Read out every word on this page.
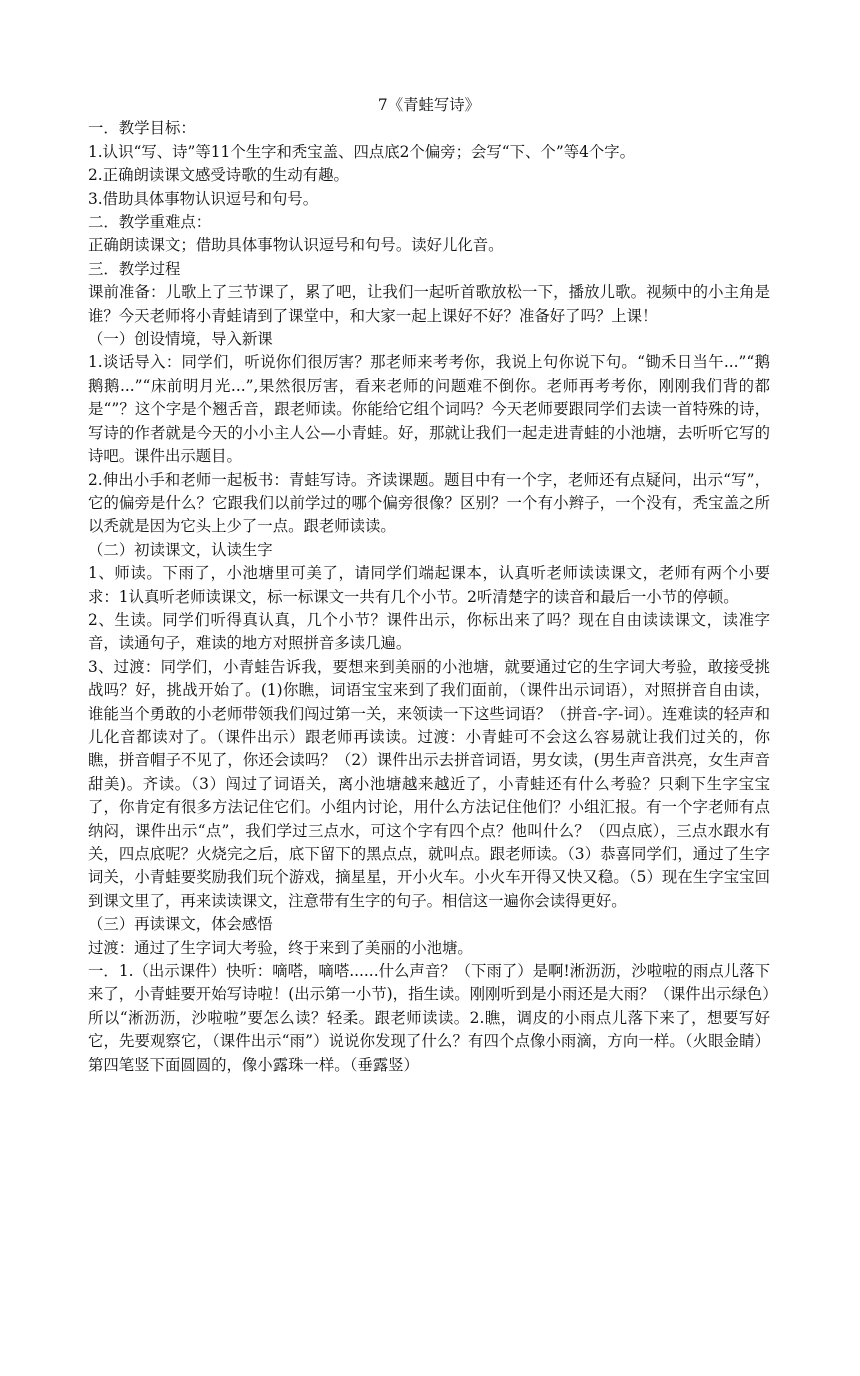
7《青蛙写诗》
一．教学目标：
1.认识“写、诗”等11个生字和秃宝盖、四点底2个偏旁；会写“下、个”等4个字。
2.正确朗读课文感受诗歌的生动有趣。
3.借助具体事物认识逗号和句号。
二．教学重难点：
正确朗读课文；借助具体事物认识逗号和句号。读好儿化音。
三．教学过程
课前准备：儿歌上了三节课了，累了吧，让我们一起听首歌放松一下，播放儿歌。视频中的小主角是谁？今天老师将小青蛙请到了课堂中，和大家一起上课好不好？准备好了吗？上课！
（一）创设情境，导入新课
1.谈话导入：同学们，听说你们很厉害？那老师来考考你，我说上句你说下句。“锄禾日当午...”“鹅鹅鹅...”“床前明月光...”,果然很厉害，看来老师的问题难不倒你。老师再考考你，刚刚我们背的都是“”？这个字是个翘舌音，跟老师读。你能给它组个词吗？今天老师要跟同学们去读一首特殊的诗，写诗的作者就是今天的小小主人公—小青蛙。好，那就让我们一起走进青蛙的小池塘，去听听它写的诗吧。课件出示题目。
2.伸出小手和老师一起板书：青蛙写诗。齐读课题。题目中有一个字，老师还有点疑问，出示“写”，它的偏旁是什么？它跟我们以前学过的哪个偏旁很像？区别？一个有小辫子，一个没有，秃宝盖之所以秃就是因为它头上少了一点。跟老师读读。
（二）初读课文，认读生字
1、师读。下雨了，小池塘里可美了，请同学们端起课本，认真听老师读读课文，老师有两个小要求：1认真听老师读课文，标一标课文一共有几个小节。2听清楚字的读音和最后一小节的停顿。
2、生读。同学们听得真认真，几个小节？课件出示，你标出来了吗？现在自由读读课文，读准字音，读通句子，难读的地方对照拼音多读几遍。
3、过渡：同学们，小青蛙告诉我，要想来到美丽的小池塘，就要通过它的生字词大考验，敢接受挑战吗？好，挑战开始了。(1)你瞧，词语宝宝来到了我们面前，（课件出示词语），对照拼音自由读，谁能当个勇敢的小老师带领我们闯过第一关，来领读一下这些词语？（拼音-字-词）。连难读的轻声和儿化音都读对了。（课件出示）跟老师再读读。过渡：小青蛙可不会这么容易就让我们过关的，你瞧，拼音帽子不见了，你还会读吗？（2）课件出示去拼音词语，男女读，(男生声音洪亮，女生声音甜美)。齐读。（3）闯过了词语关，离小池塘越来越近了，小青蛙还有什么考验？只剩下生字宝宝了，你肯定有很多方法记住它们。小组内讨论，用什么方法记住他们？小组汇报。有一个字老师有点纳闷，课件出示“点”，我们学过三点水，可这个字有四个点？他叫什么？（四点底），三点水跟水有关，四点底呢？火烧完之后，底下留下的黑点点，就叫点。跟老师读。（3）恭喜同学们，通过了生字词关，小青蛙要奖励我们玩个游戏，摘星星，开小火车。小火车开得又快又稳。（5）现在生字宝宝回到课文里了，再来读读课文，注意带有生字的句子。相信这一遍你会读得更好。
（三）再读课文，体会感悟
过渡：通过了生字词大考验，终于来到了美丽的小池塘。
一．1.（出示课件）快听：嘀嗒，嘀嗒......什么声音？（下雨了）是啊!淅沥沥，沙啦啦的雨点儿落下来了，小青蛙要开始写诗啦！(出示第一小节)，指生读。刚刚听到是小雨还是大雨？（课件出示绿色）所以“淅沥沥，沙啦啦”要怎么读？轻柔。跟老师读读。2.瞧，调皮的小雨点儿落下来了，想要写好它，先要观察它，（课件出示“雨”）说说你发现了什么？有四个点像小雨滴，方向一样。（火眼金睛）第四笔竖下面圆圆的，像小露珠一样。（垂露竖）
